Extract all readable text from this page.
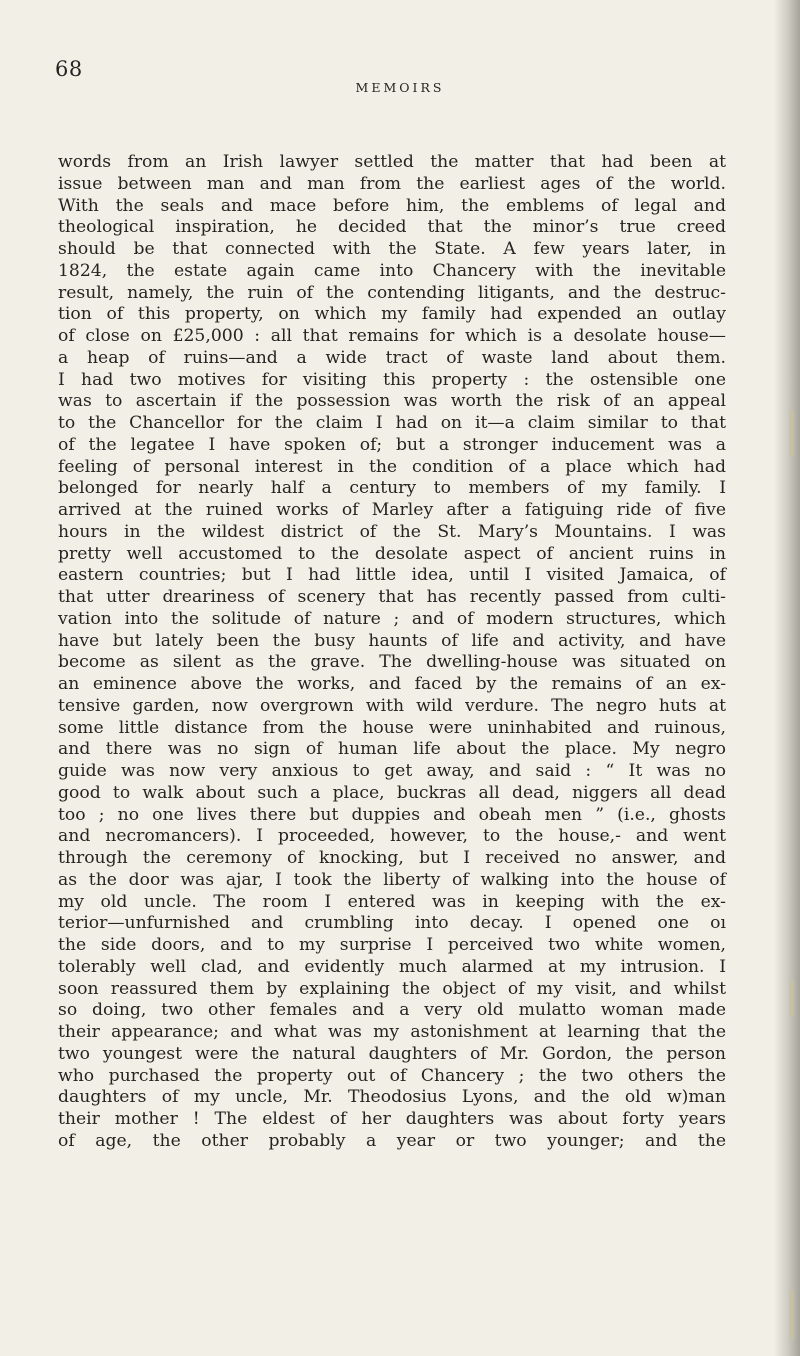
68
MEMOIRS

words from an Irish lawyer settled the matter that had been at
issue between man and man from the earliest ages of the world.
With the seals and mace before him, the emblems of legal and
theological inspiration, he decided that the minor’s true creed
should be that connected with the State. A few years later, in
1824, the estate again came into Chancery with the inevitable
result, namely, the ruin of the contending litigants, and the destruc-
tion of this property, on which my family had expended an outlay
of close on £25,000 : all that remains for which is a desolate house—
a heap of ruins—and a wide tract of waste land about them.
I had two motives for visiting this property : the ostensible one
was to ascertain if the possession was worth the risk of an appeal
to the Chancellor for the claim I had on it—a claim similar to that
of the legatee I have spoken of; but a stronger inducement was a
feeling of personal interest in the condition of a place which had
belonged for nearly half a century to members of my family. I
arrived at the ruined works of Marley after a fatiguing ride of five
hours in the wildest district of the St. Mary’s Mountains. I was
pretty well accustomed to the desolate aspect of ancient ruins in
eastern countries; but I had little idea, until I visited Jamaica, of
that utter dreariness of scenery that has recently passed from culti-
vation into the solitude of nature ; and of modern structures, which
have but lately been the busy haunts of life and activity, and have
become as silent as the grave. The dwelling-house was situated on
an eminence above the works, and faced by the remains of an ex-
tensive garden, now overgrown with wild verdure. The negro huts at
some little distance from the house were uninhabited and ruinous,
and there was no sign of human life about the place. My negro
guide was now very anxious to get away, and said : “ It was no
good to walk about such a place, buckras all dead, niggers all dead
too ; no one lives there but duppies and obeah men ” (i.e., ghosts
and necromancers). I proceeded, however, to the house,- and went
through the ceremony of knocking, but I received no answer, and
as the door was ajar, I took the liberty of walking into the house of
my old uncle. The room I entered was in keeping with the ex-
terior—unfurnished and crumbling into decay. I opened one oı
the side doors, and to my surprise I perceived two white women,
tolerably well clad, and evidently much alarmed at my intrusion. I
soon reassured them by explaining the object of my visit, and whilst
so doing, two other females and a very old mulatto woman made
their appearance; and what was my astonishment at learning that the
two youngest were the natural daughters of Mr. Gordon, the person
who purchased the property out of Chancery ; the two others the
daughters of my uncle, Mr. Theodosius Lyons, and the old w)man
their mother ! The eldest of her daughters was about forty years
of age, the other probably a year or two younger; and the
